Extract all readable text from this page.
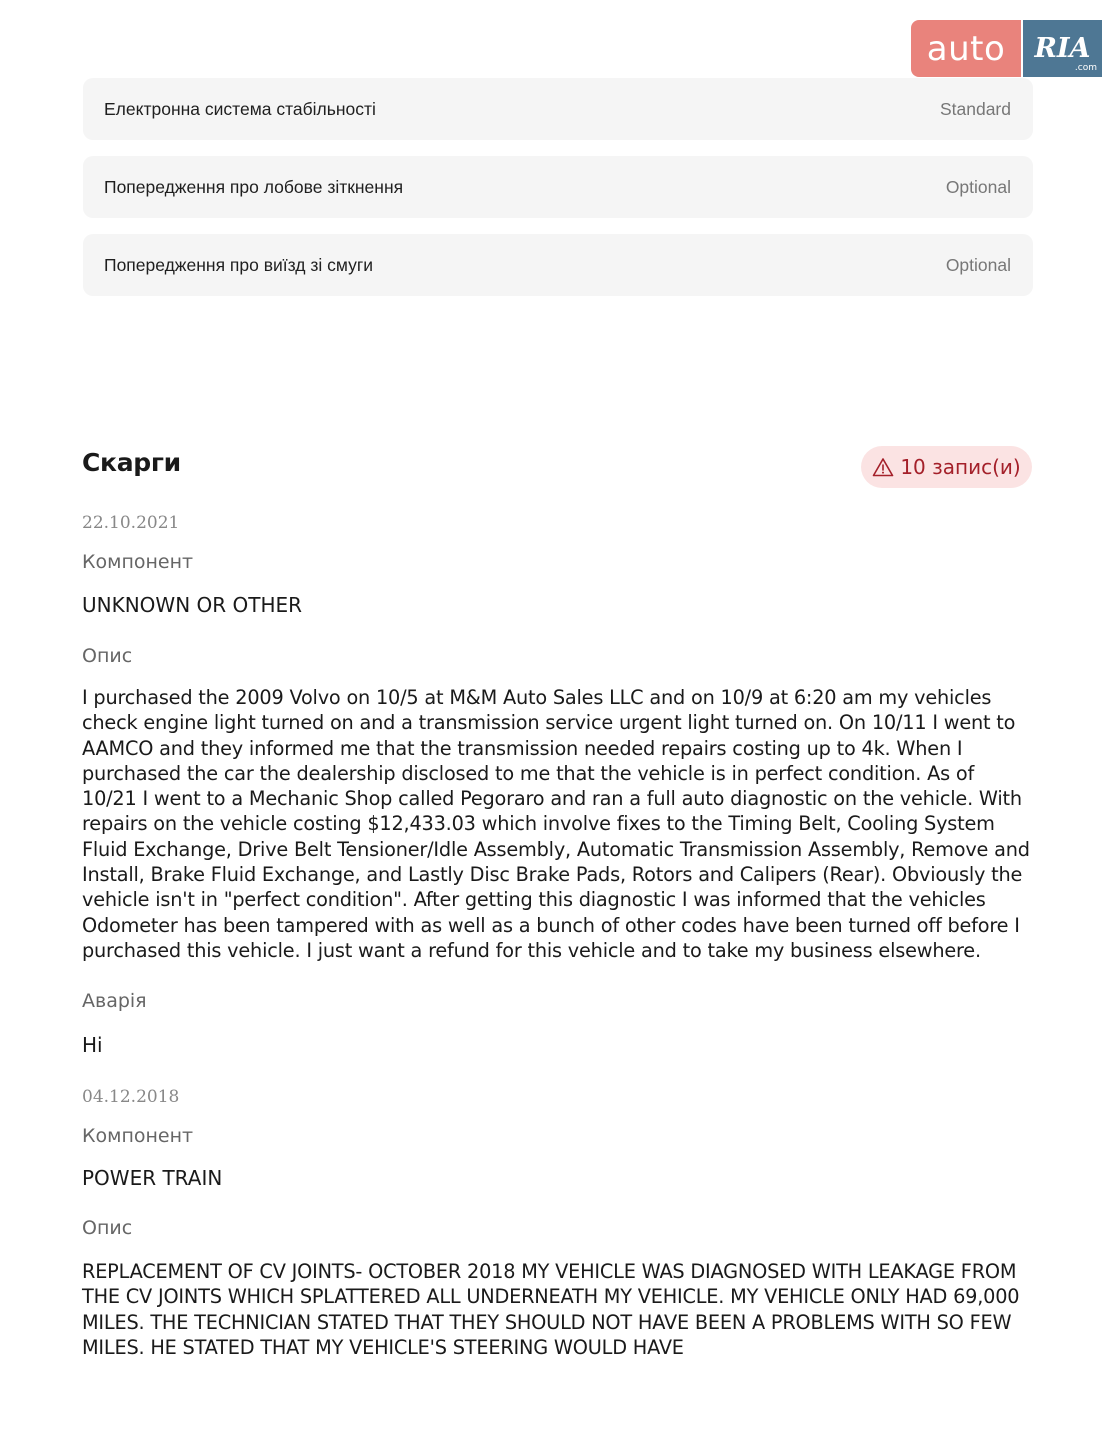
auto	RIA
.com
Електронна система стабільності	Standard
Попередження про лобове зіткнення	Optional
Попередження про виїзд зі смуги	Optional
Скарги	10 запис(и)
22.10.2021
Компонент
UNKNOWN OR OTHER
Опис

I purchased the 2009 Volvo on 10/5 at M&M Auto Sales LLC and on 10/9 at 6:20 am my vehicles check engine light turned on and a transmission service urgent light turned on. On 10/11 I went to AAMCO and they informed me that the transmission needed repairs costing up to 4k. When I purchased the car the dealership disclosed to me that the vehicle is in perfect condition. As of 10/21 I went to a Mechanic Shop called Pegoraro and ran a full auto diagnostic on the vehicle. With repairs on the vehicle costing $12,433.03 which involve fixes to the Timing Belt, Cooling System Fluid Exchange, Drive Belt Tensioner/Idle Assembly, Automatic Transmission Assembly, Remove and Install, Brake Fluid Exchange, and Lastly Disc Brake Pads, Rotors and Calipers (Rear). Obviously the vehicle isn't in "perfect condition". After getting this diagnostic I was informed that the vehicles Odometer has been tampered with as well as a bunch of other codes have been turned off before I purchased this vehicle. I just want a refund for this vehicle and to take my business elsewhere.

Аварія
Ні
04.12.2018
Компонент
POWER TRAIN
Опис

REPLACEMENT OF CV JOINTS- OCTOBER 2018 MY VEHICLE WAS DIAGNOSED WITH LEAKAGE FROM THE CV JOINTS WHICH SPLATTERED ALL UNDERNEATH MY VEHICLE. MY VEHICLE ONLY HAD 69,000 MILES. THE TECHNICIAN STATED THAT THEY SHOULD NOT HAVE BEEN A PROBLEMS WITH SO FEW MILES. HE STATED THAT MY VEHICLE'S STEERING WOULD HAVE
